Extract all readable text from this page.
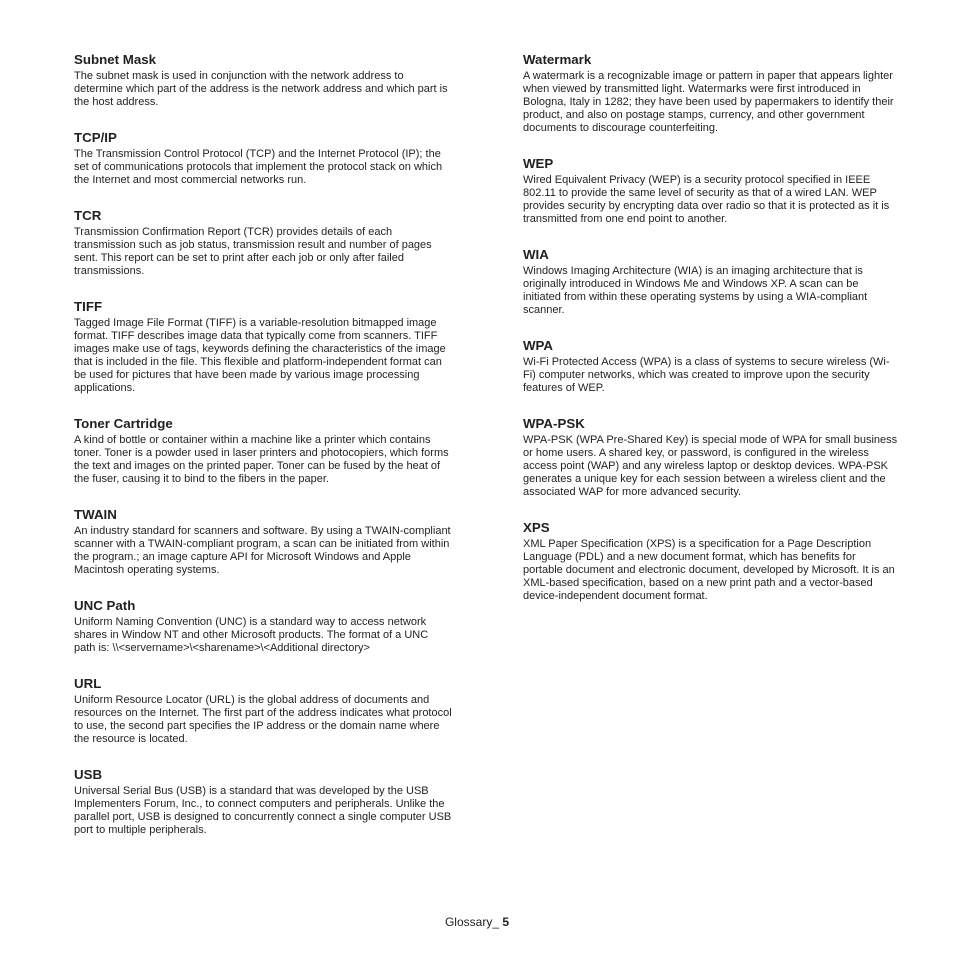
Subnet Mask

The subnet mask is used in conjunction with the network address to determine which part of the address is the network address and which part is the host address.

TCP/IP

The Transmission Control Protocol (TCP) and the Internet Protocol (IP); the set of communications protocols that implement the protocol stack on which the Internet and most commercial networks run.

TCR

Transmission Confirmation Report (TCR) provides details of each transmission such as job status, transmission result and number of pages sent. This report can be set to print after each job or only after failed transmissions.

TIFF

Tagged Image File Format (TIFF) is a variable-resolution bitmapped image format. TIFF describes image data that typically come from scanners. TIFF images make use of tags, keywords defining the characteristics of the image that is included in the file. This flexible and platform-independent format can be used for pictures that have been made by various image processing applications.

Toner Cartridge

A kind of bottle or container within a machine like a printer which contains toner. Toner is a powder used in laser printers and photocopiers, which forms the text and images on the printed paper. Toner can be fused by the heat of the fuser, causing it to bind to the fibers in the paper.

TWAIN

An industry standard for scanners and software. By using a TWAIN-compliant scanner with a TWAIN-compliant program, a scan can be initiated from within the program.; an image capture API for Microsoft Windows and Apple Macintosh operating systems.

UNC Path

Uniform Naming Convention (UNC) is a standard way to access network shares in Window NT and other Microsoft products. The format of a UNC path is: \\<servername>\<sharename>\<Additional directory>

URL

Uniform Resource Locator (URL) is the global address of documents and resources on the Internet. The first part of the address indicates what protocol to use, the second part specifies the IP address or the domain name where the resource is located.

USB

Universal Serial Bus (USB) is a standard that was developed by the USB Implementers Forum, Inc., to connect computers and peripherals. Unlike the parallel port, USB is designed to concurrently connect a single computer USB port to multiple peripherals.

Watermark

A watermark is a recognizable image or pattern in paper that appears lighter when viewed by transmitted light. Watermarks were first introduced in Bologna, Italy in 1282; they have been used by papermakers to identify their product, and also on postage stamps, currency, and other government documents to discourage counterfeiting.

WEP

Wired Equivalent Privacy (WEP) is a security protocol specified in IEEE 802.11 to provide the same level of security as that of a wired LAN. WEP provides security by encrypting data over radio so that it is protected as it is transmitted from one end point to another.

WIA

Windows Imaging Architecture (WIA) is an imaging architecture that is originally introduced in Windows Me and Windows XP. A scan can be initiated from within these operating systems by using a WIA-compliant scanner.

WPA

Wi-Fi Protected Access (WPA) is a class of systems to secure wireless (Wi-Fi) computer networks, which was created to improve upon the security features of WEP.

WPA-PSK

WPA-PSK (WPA Pre-Shared Key) is special mode of WPA for small business or home users. A shared key, or password, is configured in the wireless access point (WAP) and any wireless laptop or desktop devices. WPA-PSK generates a unique key for each session between a wireless client and the associated WAP for more advanced security.

XPS

XML Paper Specification (XPS) is a specification for a Page Description Language (PDL) and a new document format, which has benefits for portable document and electronic document, developed by Microsoft. It is an XML-based specification, based on a new print path and a vector-based device-independent document format.

Glossary_ 5
